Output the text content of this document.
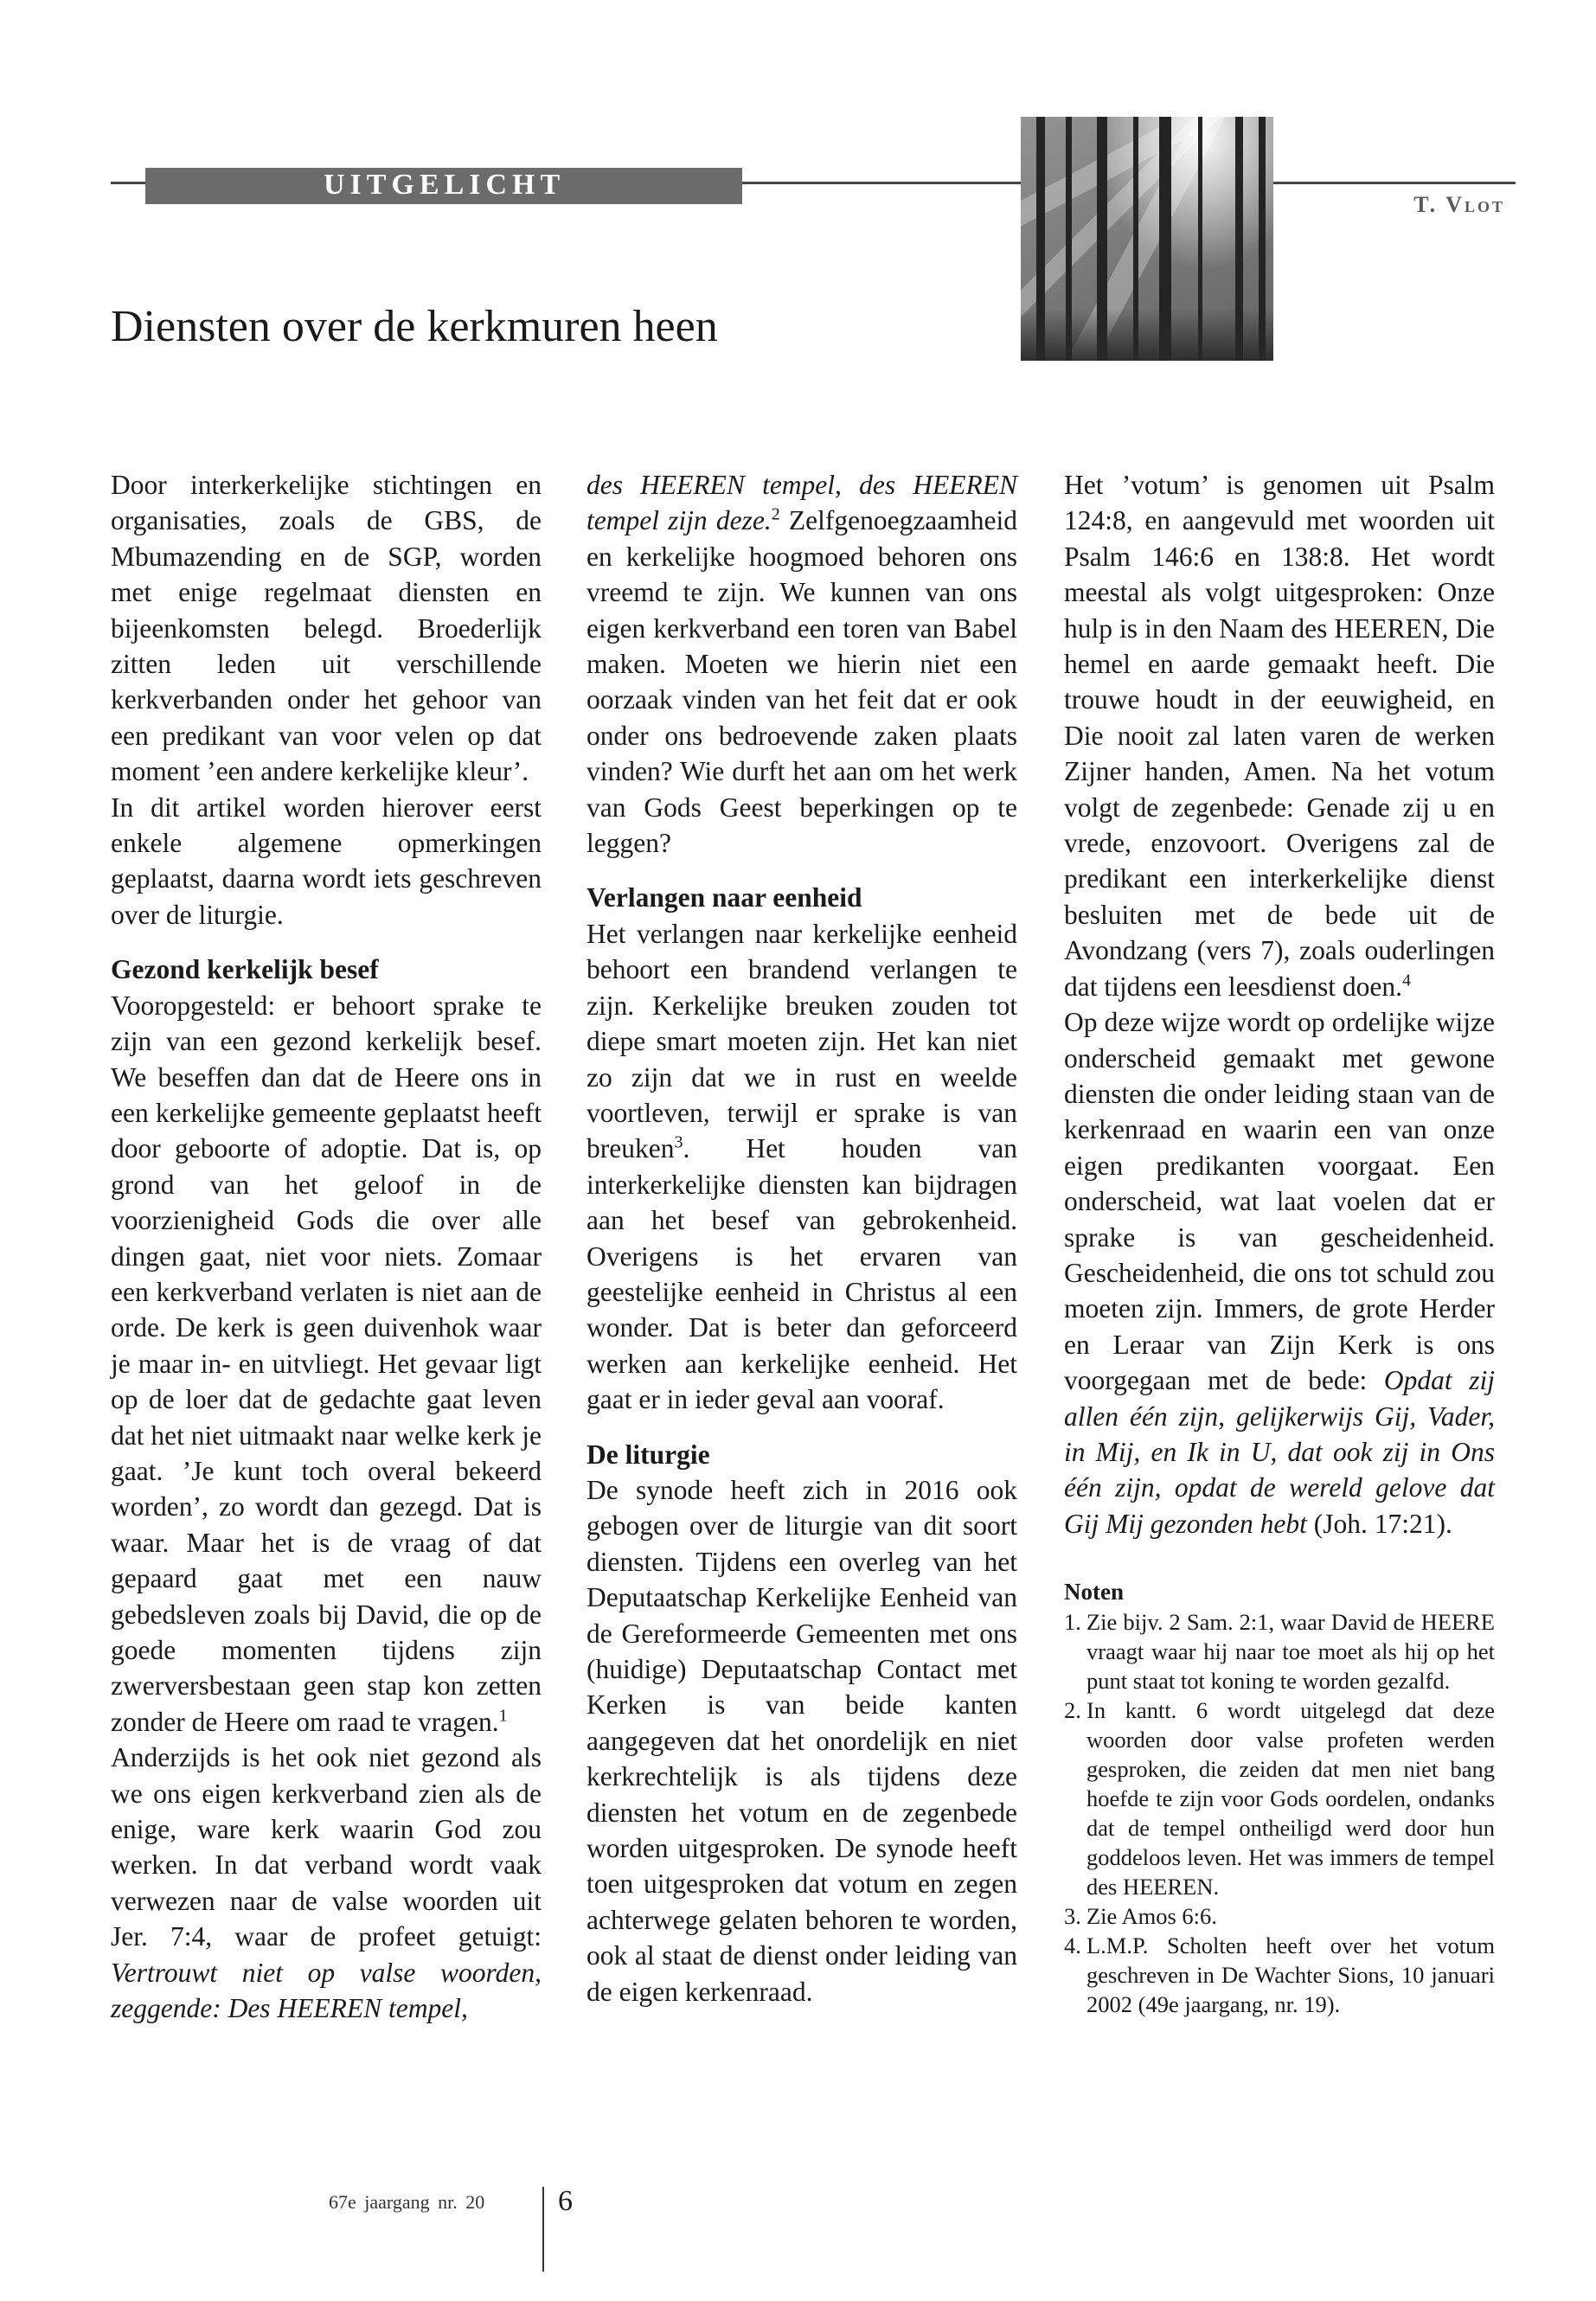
UITGELICHT
T. Vlot
Diensten over de kerkmuren heen

Door interkerkelijke stichtingen en organisaties, zoals de GBS, de Mbumazending en de SGP, worden met enige regelmaat diensten en bijeenkomsten belegd. Broederlijk zitten leden uit verschillende kerkverbanden onder het gehoor van een predikant van voor velen op dat moment ’een andere kerkelijke kleur’.

In dit artikel worden hierover eerst enkele algemene opmerkingen geplaatst, daarna wordt iets geschreven over de liturgie.

Gezond kerkelijk besef

Vooropgesteld: er behoort sprake te zijn van een gezond kerkelijk besef. We beseffen dan dat de Heere ons in een kerkelijke gemeente geplaatst heeft door geboorte of adoptie. Dat is, op grond van het geloof in de voorzienigheid Gods die over alle dingen gaat, niet voor niets. Zomaar een kerkverband verlaten is niet aan de orde. De kerk is geen duivenhok waar je maar in- en uitvliegt. Het gevaar ligt op de loer dat de gedachte gaat leven dat het niet uitmaakt naar welke kerk je gaat. ’Je kunt toch overal bekeerd worden’, zo wordt dan gezegd. Dat is waar. Maar het is de vraag of dat gepaard gaat met een nauw gebedsleven zoals bij David, die op de goede momenten tijdens zijn zwerversbestaan geen stap kon zetten zonder de Heere om raad te vragen.$^1$

Anderzijds is het ook niet gezond als we ons eigen kerkverband zien als de enige, ware kerk waarin God zou werken. In dat verband wordt vaak verwezen naar de valse woorden uit Jer. 7:4, waar de profeet getuigt: Vertrouwt niet op valse woorden, zeggende: Des HEEREN tempel,

des HEEREN tempel, des HEEREN tempel zijn deze.$^2$ Zelfgenoegzaamheid en kerkelijke hoogmoed behoren ons vreemd te zijn. We kunnen van ons eigen kerkverband een toren van Babel maken. Moeten we hierin niet een oorzaak vinden van het feit dat er ook onder ons bedroevende zaken plaats vinden? Wie durft het aan om het werk van Gods Geest beperkingen op te leggen?

Verlangen naar eenheid

Het verlangen naar kerkelijke eenheid behoort een brandend verlangen te zijn. Kerkelijke breuken zouden tot diepe smart moeten zijn. Het kan niet zo zijn dat we in rust en weelde voortleven, terwijl er sprake is van breuken$^3$. Het houden van interkerkelijke diensten kan bijdragen aan het besef van gebrokenheid. Overigens is het ervaren van geestelijke eenheid in Christus al een wonder. Dat is beter dan geforceerd werken aan kerkelijke eenheid. Het gaat er in ieder geval aan vooraf.

De liturgie

De synode heeft zich in 2016 ook gebogen over de liturgie van dit soort diensten. Tijdens een overleg van het Deputaatschap Kerkelijke Eenheid van de Gereformeerde Gemeenten met ons (huidige) Deputaatschap Contact met Kerken is van beide kanten aangegeven dat het onordelijk en niet kerkrechtelijk is als tijdens deze diensten het votum en de zegenbede worden uitgesproken. De synode heeft toen uitgesproken dat votum en zegen achterwege gelaten behoren te worden, ook al staat de dienst onder leiding van de eigen kerkenraad.

Het ’votum’ is genomen uit Psalm 124:8, en aangevuld met woorden uit Psalm 146:6 en 138:8. Het wordt meestal als volgt uitgesproken: Onze hulp is in den Naam des HEEREN, Die hemel en aarde gemaakt heeft. Die trouwe houdt in der eeuwigheid, en Die nooit zal laten varen de werken Zijner handen, Amen. Na het votum volgt de zegenbede: Genade zij u en vrede, enzovoort. Overigens zal de predikant een interkerkelijke dienst besluiten met de bede uit de Avondzang (vers 7), zoals ouderlingen dat tijdens een leesdienst doen.$^4$

Op deze wijze wordt op ordelijke wijze onderscheid gemaakt met gewone diensten die onder leiding staan van de kerkenraad en waarin een van onze eigen predikanten voorgaat. Een onderscheid, wat laat voelen dat er sprake is van gescheidenheid. Gescheidenheid, die ons tot schuld zou moeten zijn. Immers, de grote Herder en Leraar van Zijn Kerk is ons voorgegaan met de bede: Opdat zij allen één zijn, gelijkerwijs Gij, Vader, in Mij, en Ik in U, dat ook zij in Ons één zijn, opdat de wereld gelove dat Gij Mij gezonden hebt (Joh. 17:21).

Noten
1. Zie bijv. 2 Sam. 2:1, waar David de HEERE vraagt waar hij naar toe moet als hij op het punt staat tot koning te worden gezalfd.
2. In kantt. 6 wordt uitgelegd dat deze woorden door valse profeten werden gesproken, die zeiden dat men niet bang hoefde te zijn voor Gods oordelen, ondanks dat de tempel ontheiligd werd door hun goddeloos leven. Het was immers de tempel des HEEREN.
3. Zie Amos 6:6.
4. L.M.P. Scholten heeft over het votum geschreven in De Wachter Sions, 10 januari 2002 (49e jaargang, nr. 19).
67e jaargang nr. 20 6
